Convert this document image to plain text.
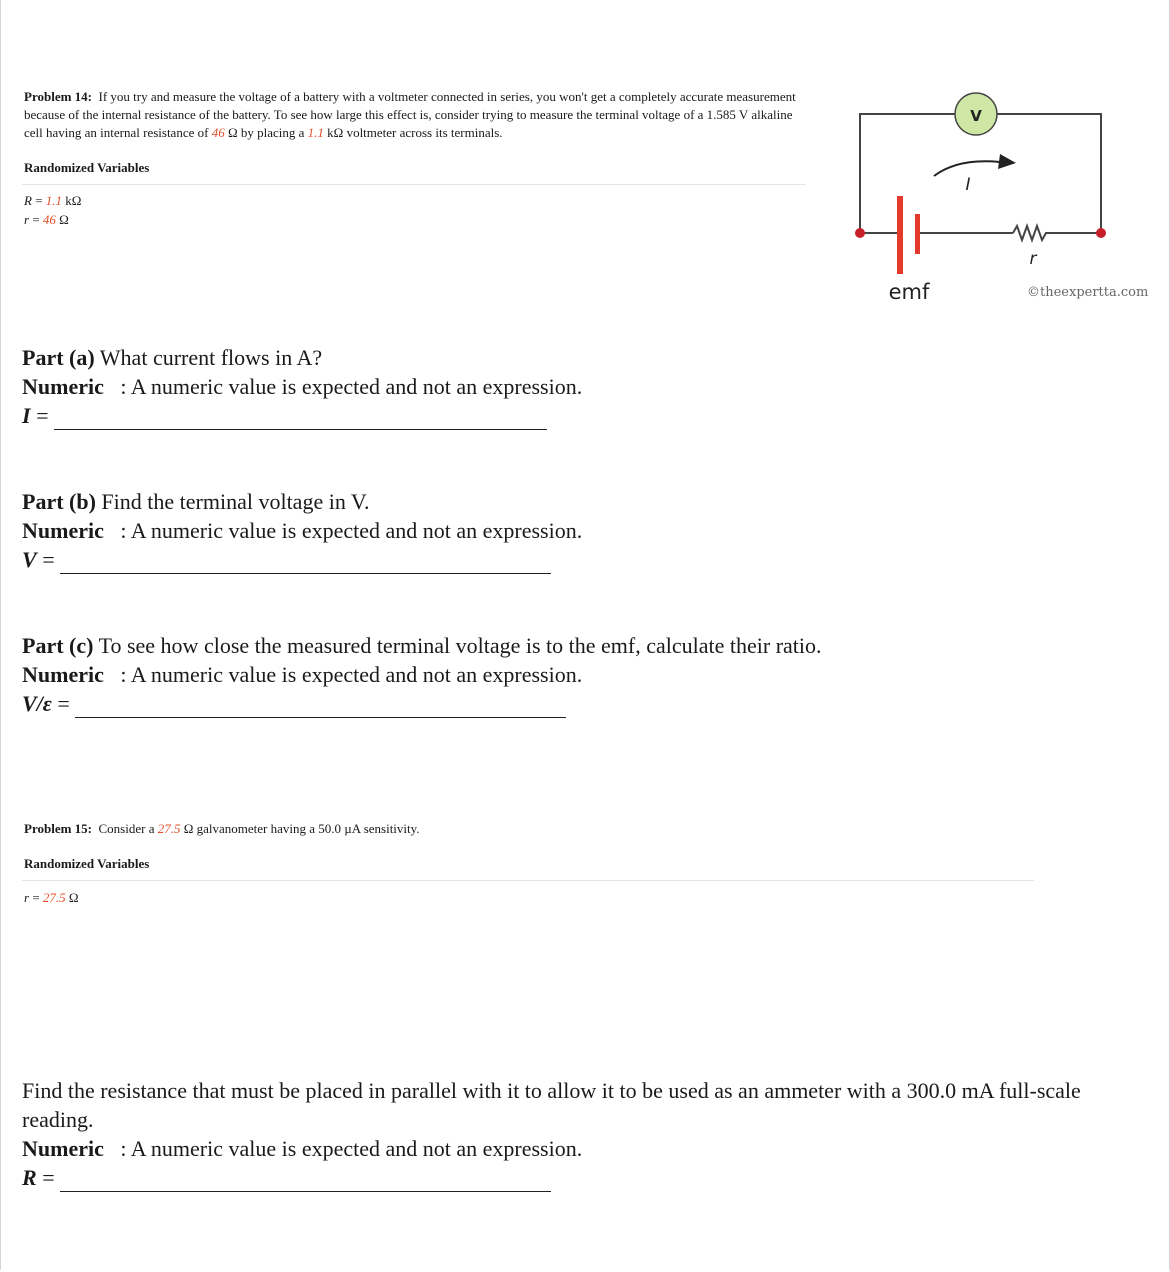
Problem 14: If you try and measure the voltage of a battery with a voltmeter connected in series, you won't get a completely accurate measurement because of the internal resistance of the battery. To see how large this effect is, consider trying to measure the terminal voltage of a 1.585 V alkaline cell having an internal resistance of 46 Ω by placing a 1.1 kΩ voltmeter across its terminals.
Randomized Variables
R = 1.1 kΩ
r = 46 Ω
V
I
r
emf	©theexpertta.com
Part (a) What current flows in A?
Numeric : A numeric value is expected and not an expression.
I =
Part (b) Find the terminal voltage in V.
Numeric : A numeric value is expected and not an expression.
V =
Part (c) To see how close the measured terminal voltage is to the emf, calculate their ratio.
Numeric : A numeric value is expected and not an expression.
V/ε =
Problem 15: Consider a 27.5 Ω galvanometer having a 50.0 µA sensitivity.
Randomized Variables
r = 27.5 Ω
Find the resistance that must be placed in parallel with it to allow it to be used as an ammeter with a 300.0 mA full-scale reading.
Numeric : A numeric value is expected and not an expression.
R =
